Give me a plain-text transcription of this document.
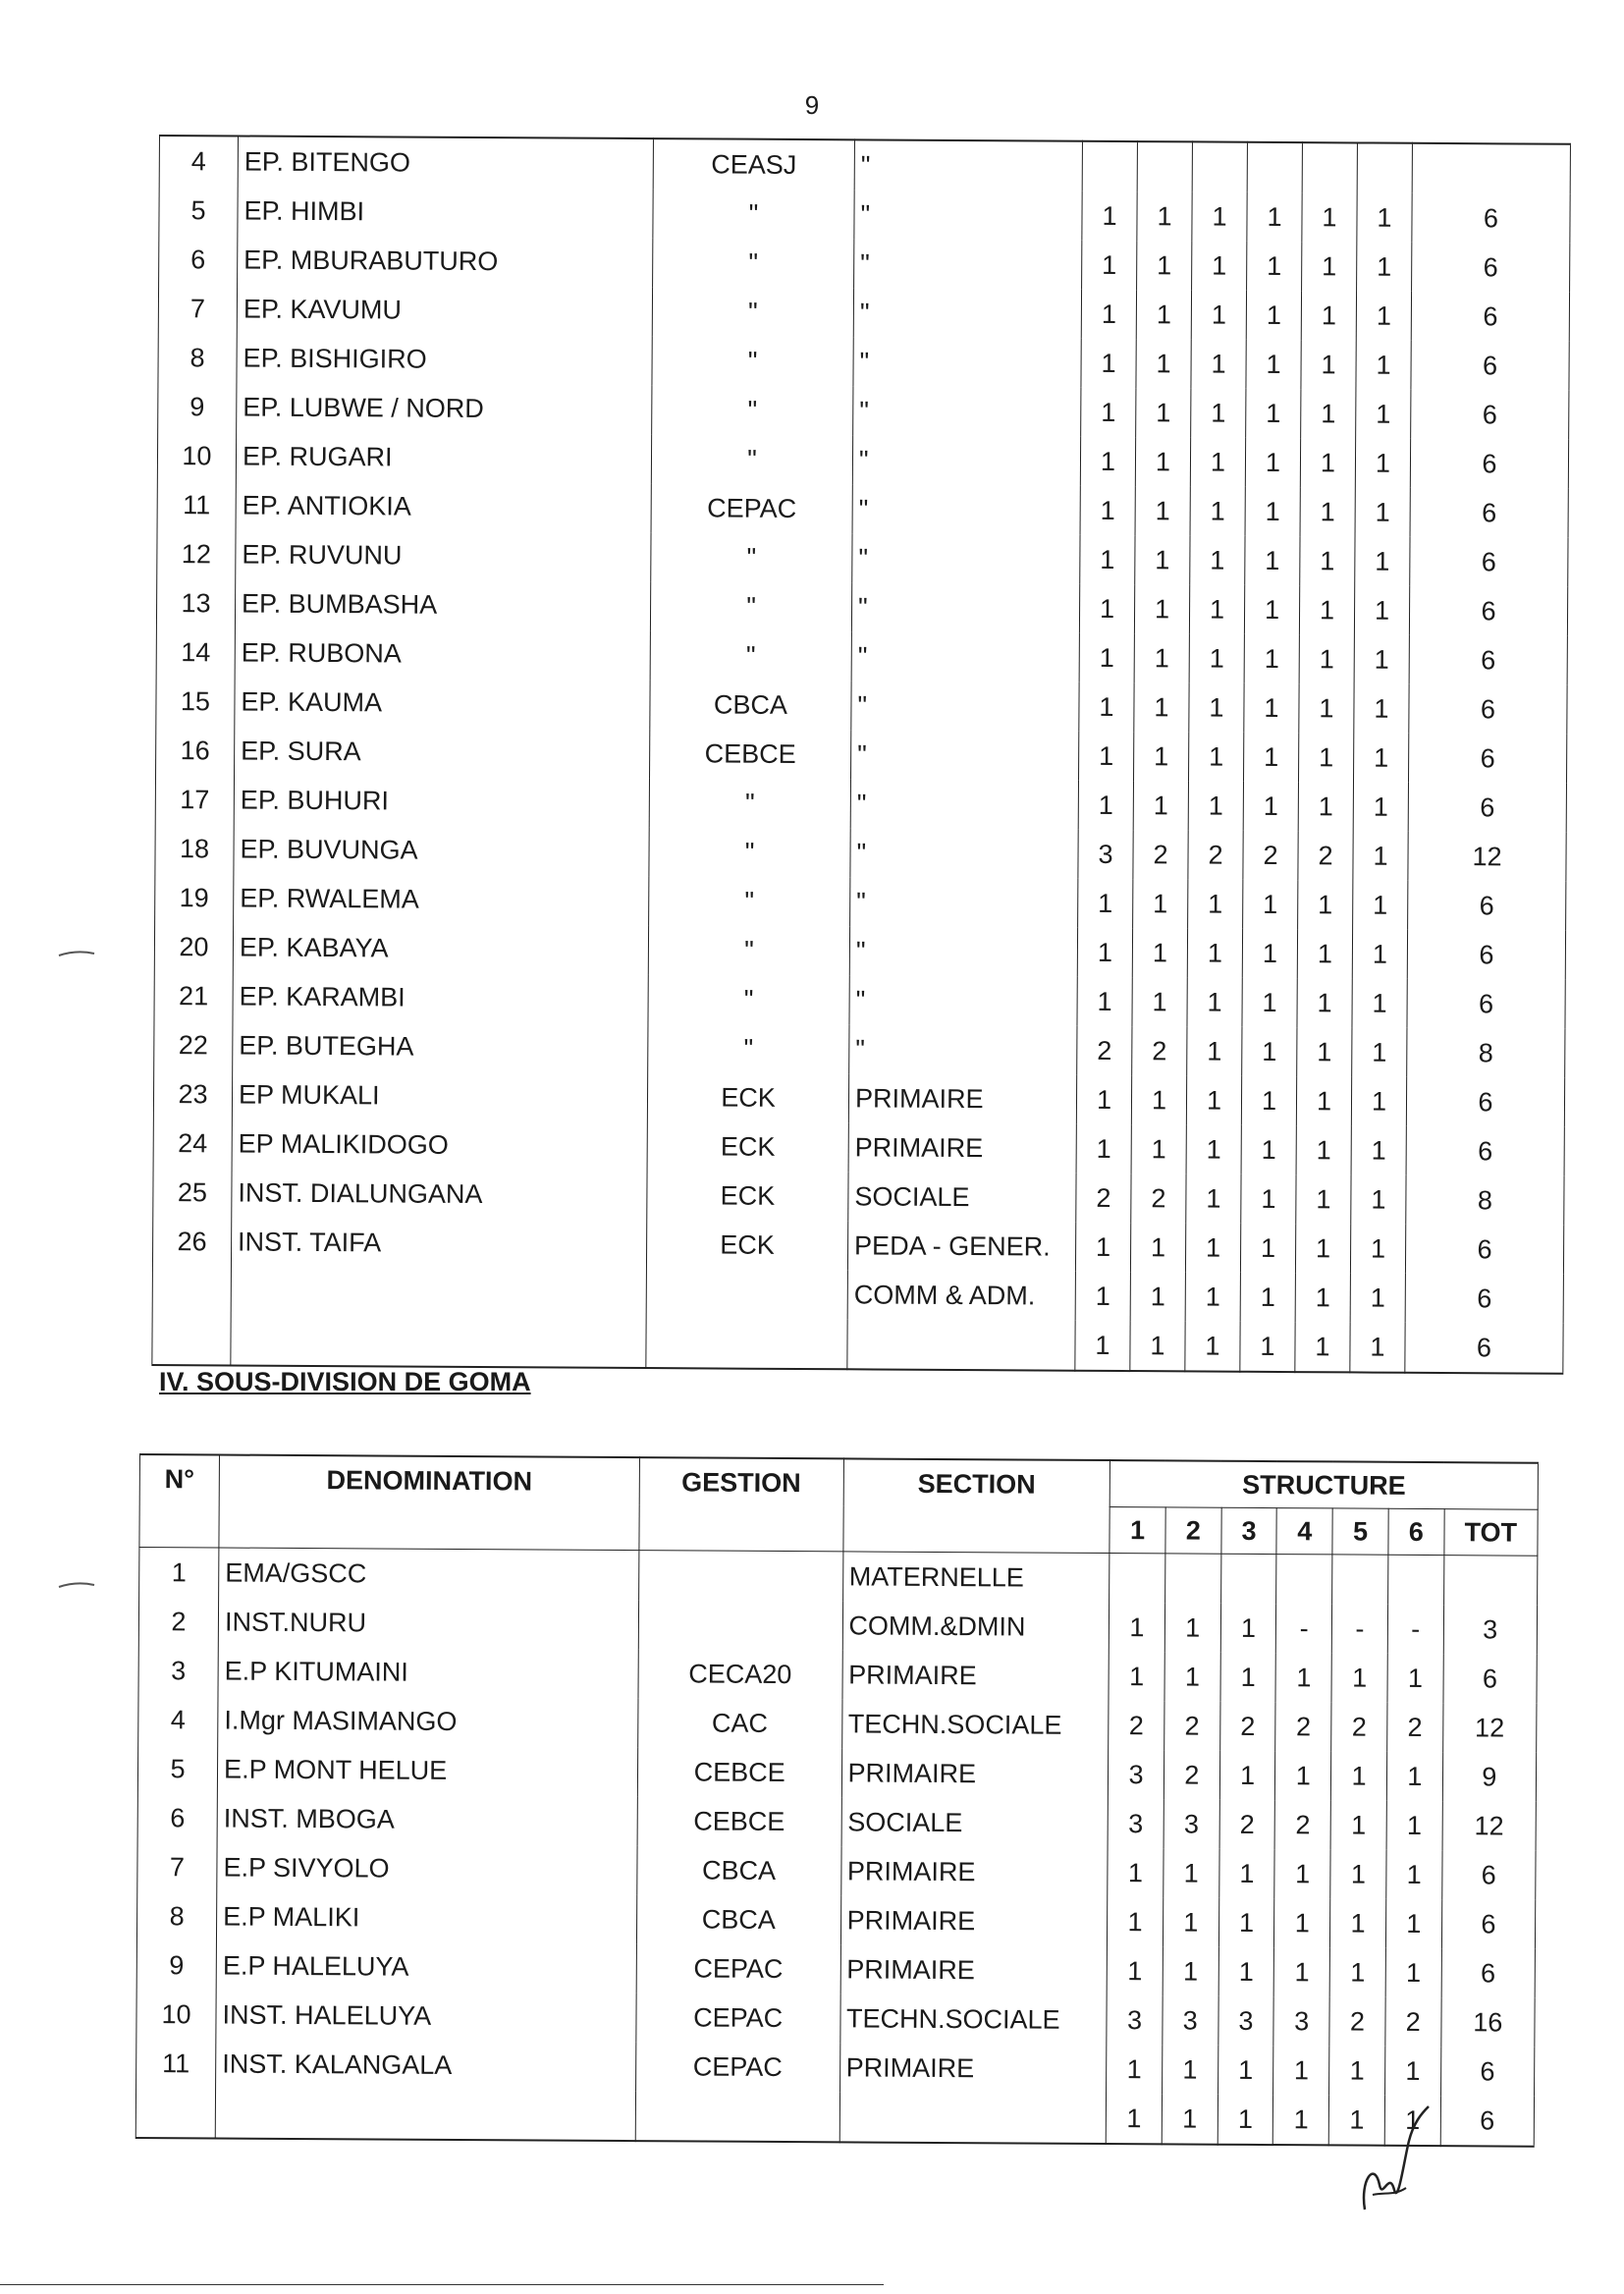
9
4	EP. BITENGO	CEASJ	"							
5	EP. HIMBI	"	"	1	1	1	1	1	1	6
6	EP. MBURABUTURO	"	"	1	1	1	1	1	1	6
7	EP. KAVUMU	"	"	1	1	1	1	1	1	6
8	EP. BISHIGIRO	"	"	1	1	1	1	1	1	6
9	EP. LUBWE / NORD	"	"	1	1	1	1	1	1	6
10	EP. RUGARI	"	"	1	1	1	1	1	1	6
11	EP. ANTIOKIA	CEPAC	"	1	1	1	1	1	1	6
12	EP. RUVUNU	"	"	1	1	1	1	1	1	6
13	EP. BUMBASHA	"	"	1	1	1	1	1	1	6
14	EP. RUBONA	"	"	1	1	1	1	1	1	6
15	EP. KAUMA	CBCA	"	1	1	1	1	1	1	6
16	EP. SURA	CEBCE	"	1	1	1	1	1	1	6
17	EP. BUHURI	"	"	1	1	1	1	1	1	6
18	EP. BUVUNGA	"	"	3	2	2	2	2	1	12
19	EP. RWALEMA	"	"	1	1	1	1	1	1	6
20	EP. KABAYA	"	"	1	1	1	1	1	1	6
21	EP. KARAMBI	"	"	1	1	1	1	1	1	6
22	EP. BUTEGHA	"	"	2	2	1	1	1	1	8
23	EP MUKALI	ECK	PRIMAIRE	1	1	1	1	1	1	6
24	EP MALIKIDOGO	ECK	PRIMAIRE	1	1	1	1	1	1	6
25	INST. DIALUNGANA	ECK	SOCIALE	2	2	1	1	1	1	8
26	INST. TAIFA	ECK	PEDA - GENER.	1	1	1	1	1	1	6
			COMM & ADM.	1	1	1	1	1	1	6
				1	1	1	1	1	1	6
IV. SOUS-DIVISION DE GOMA
N°	DENOMINATION	GESTION	SECTION	STRUCTURE						
				1	2	3	4	5	6	TOT
1	EMA/GSCC		MATERNELLE							
2	INST.NURU		COMM.&DMIN	1	1	1	-	-	-	3
3	E.P KITUMAINI	CECA20	PRIMAIRE	1	1	1	1	1	1	6
4	I.Mgr MASIMANGO	CAC	TECHN.SOCIALE	2	2	2	2	2	2	12
5	E.P MONT HELUE	CEBCE	PRIMAIRE	3	2	1	1	1	1	9
6	INST. MBOGA	CEBCE	SOCIALE	3	3	2	2	1	1	12
7	E.P SIVYOLO	CBCA	PRIMAIRE	1	1	1	1	1	1	6
8	E.P MALIKI	CBCA	PRIMAIRE	1	1	1	1	1	1	6
9	E.P HALELUYA	CEPAC	PRIMAIRE	1	1	1	1	1	1	6
10	INST. HALELUYA	CEPAC	TECHN.SOCIALE	3	3	3	3	2	2	16
11	INST. KALANGALA	CEPAC	PRIMAIRE	1	1	1	1	1	1	6
				1	1	1	1	1	1	6
